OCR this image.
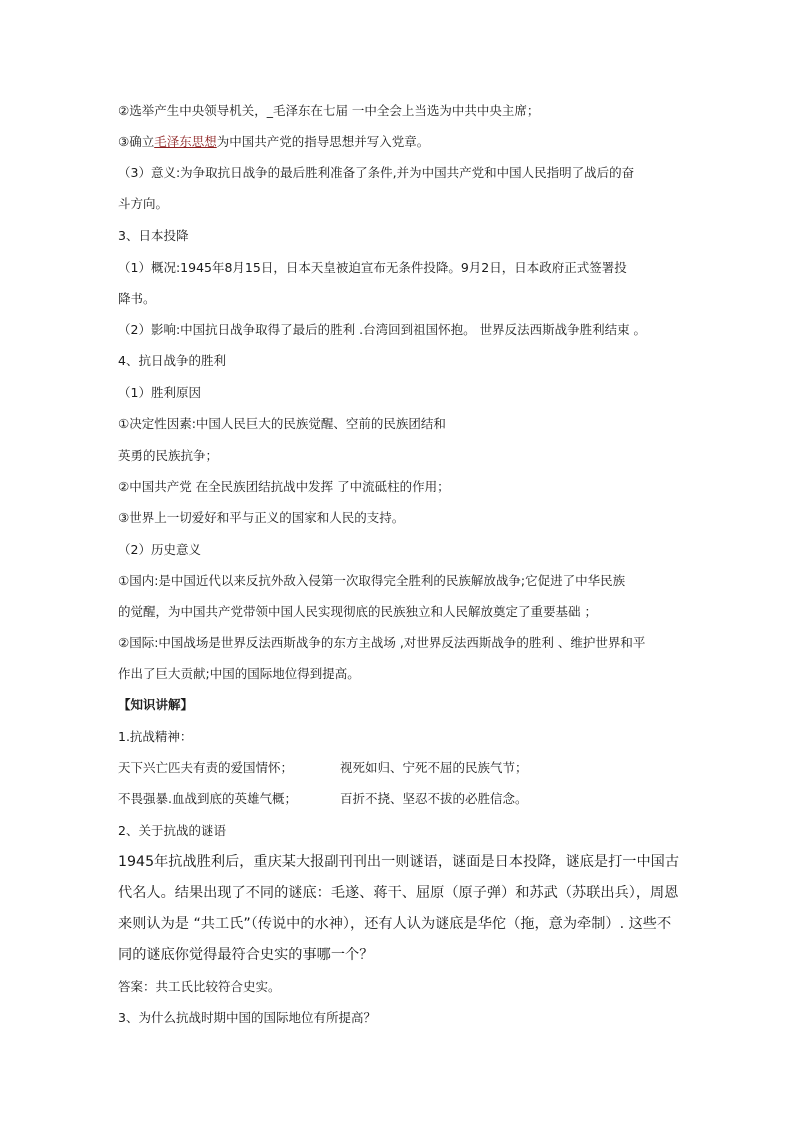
②选举产生中央领导机关，_毛泽东在七届 一中全会上当选为中共中央主席；
③确立毛泽东思想为中国共产党的指导思想并写入党章。
（3）意义:为争取抗日战争的最后胜利准备了条件,并为中国共产党和中国人民指明了战后的奋
斗方向。
3、日本投降
（1）概况:1945年8月15日，日本天皇被迫宣布无条件投降。9月2日，日本政府正式签署投
降书。
（2）影响:中国抗日战争取得了最后的胜利 .台湾回到祖国怀抱。 世界反法西斯战争胜利结束 。
4、抗日战争的胜利
（1）胜利原因
①决定性因素:中国人民巨大的民族觉醒、空前的民族团结和
英勇的民族抗争；
②中国共产党 在全民族团结抗战中发挥 了中流砥柱的作用；
③世界上一切爱好和平与正义的国家和人民的支持。
（2）历史意义
①国内:是中国近代以来反抗外敌入侵第一次取得完全胜利的民族解放战争;它促进了中华民族
的觉醒，为中国共产党带领中国人民实现彻底的民族独立和人民解放奠定了重要基础 ；
②国际:中国战场是世界反法西斯战争的东方主战场 ,对世界反法西斯战争的胜利 、维护世界和平
作出了巨大贡献;中国的国际地位得到提高。
【知识讲解】
1.抗战精神：
天下兴亡匹夫有责的爱国情怀；	视死如归、宁死不屈的民族气节；
不畏强暴.血战到底的英雄气概；	百折不挠、坚忍不拔的必胜信念。
2、关于抗战的谜语
1945年抗战胜利后，重庆某大报副刊刊出一则谜语，谜面是日本投降，谜底是打一中国古
代名人。结果出现了不同的谜底：毛遂、蒋干、屈原（原子弹）和苏武（苏联出兵），周恩
来则认为是 “共工氏”（传说中的水神），还有人认为谜底是华佗（拖，意为牵制）. 这些不
同的谜底你觉得最符合史实的事哪一个？
答案：共工氏比较符合史实。
3、为什么抗战时期中国的国际地位有所提高？
